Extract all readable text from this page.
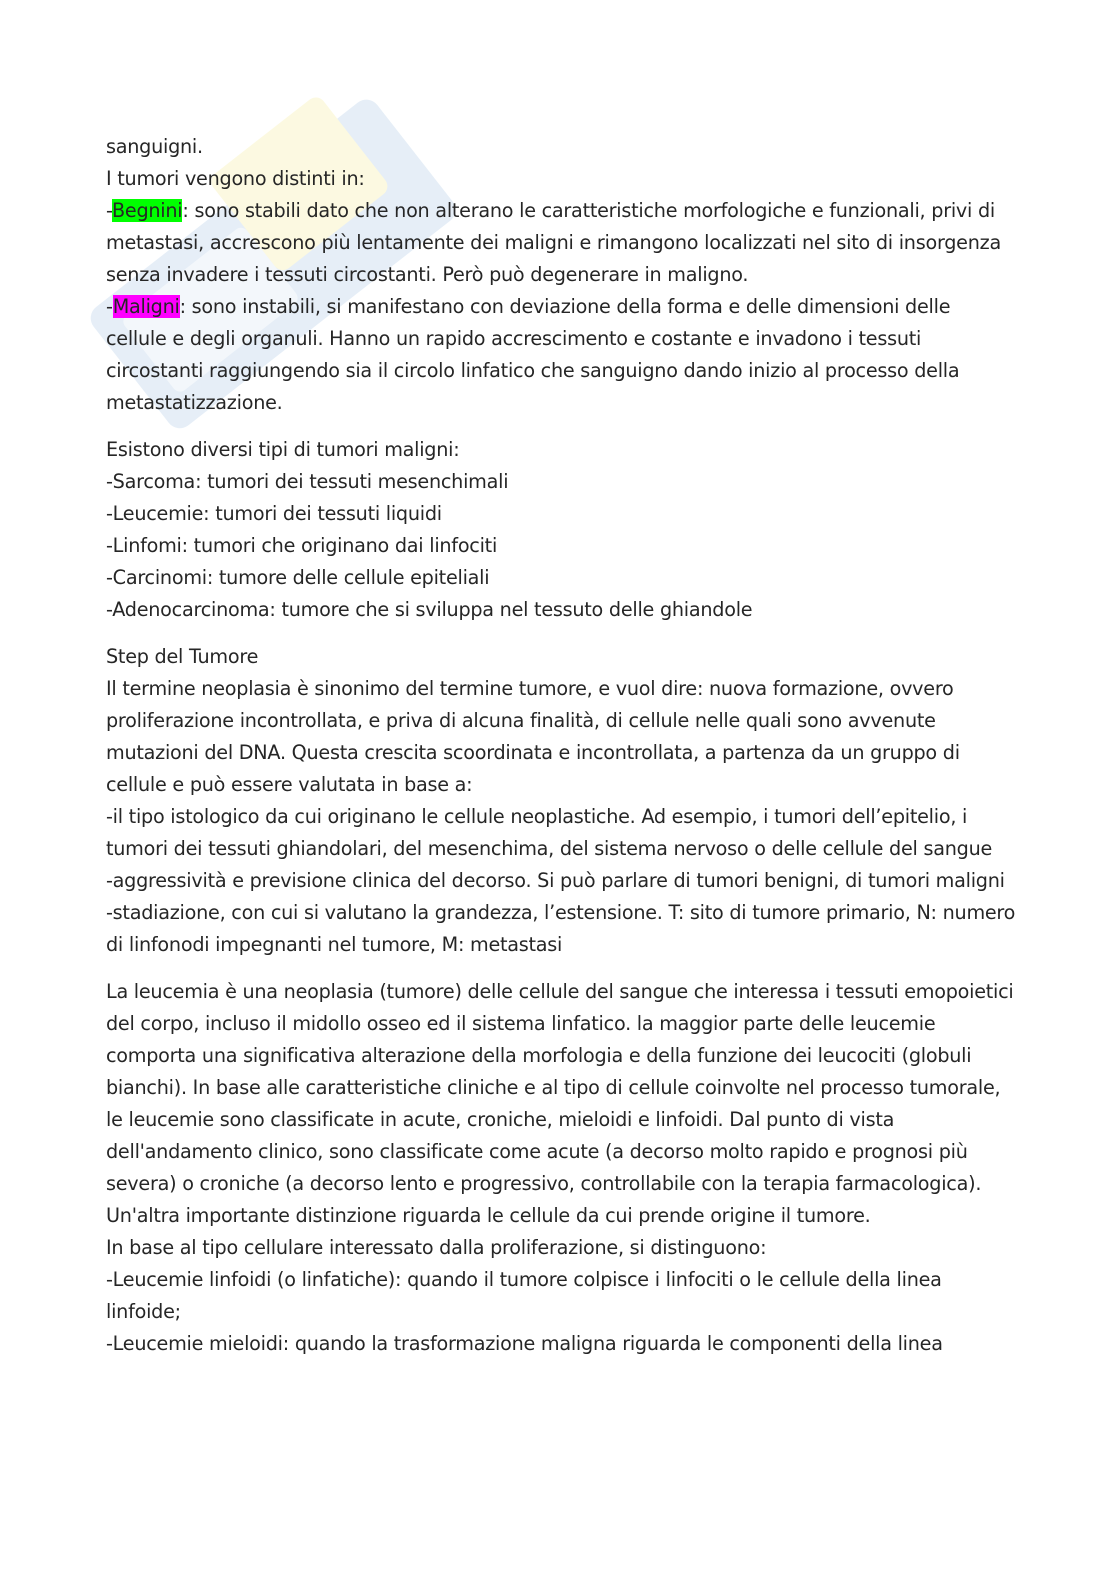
sanguigni.

I tumori vengono distinti in:

-Begnini: sono stabili dato che non alterano le caratteristiche morfologiche e funzionali, privi di metastasi, accrescono più lentamente dei maligni e rimangono localizzati nel sito di insorgenza senza invadere i tessuti circostanti. Però può degenerare in maligno.

-Maligni: sono instabili, si manifestano con deviazione della forma e delle dimensioni delle cellule e degli organuli. Hanno un rapido accrescimento e costante e invadono i tessuti circostanti raggiungendo sia il circolo linfatico che sanguigno dando inizio al processo della metastatizzazione.

Esistono diversi tipi di tumori maligni:

-Sarcoma: tumori dei tessuti mesenchimali

-Leucemie: tumori dei tessuti liquidi

-Linfomi: tumori che originano dai linfociti

-Carcinomi: tumore delle cellule epiteliali

-Adenocarcinoma: tumore che si sviluppa nel tessuto delle ghiandole

Step del Tumore

Il termine neoplasia è sinonimo del termine tumore, e vuol dire: nuova formazione, ovvero proliferazione incontrollata, e priva di alcuna finalità, di cellule nelle quali sono avvenute mutazioni del DNA. Questa crescita scoordinata e incontrollata, a partenza da un gruppo di cellule e può essere valutata in base a:

-il tipo istologico da cui originano le cellule neoplastiche. Ad esempio, i tumori dell’epitelio, i tumori dei tessuti ghiandolari, del mesenchima, del sistema nervoso o delle cellule del sangue

-aggressività e previsione clinica del decorso. Si può parlare di tumori benigni, di tumori maligni

-stadiazione, con cui si valutano la grandezza, l’estensione. T: sito di tumore primario, N: numero di linfonodi impegnanti nel tumore, M: metastasi

La leucemia è una neoplasia (tumore) delle cellule del sangue che interessa i tessuti emopoietici del corpo, incluso il midollo osseo ed il sistema linfatico. la maggior parte delle leucemie comporta una significativa alterazione della morfologia e della funzione dei leucociti (globuli bianchi). In base alle caratteristiche cliniche e al tipo di cellule coinvolte nel processo tumorale, le leucemie sono classificate in acute, croniche, mieloidi e linfoidi. Dal punto di vista dell'andamento clinico, sono classificate come acute (a decorso molto rapido e prognosi più severa) o croniche (a decorso lento e progressivo, controllabile con la terapia farmacologica). Un'altra importante distinzione riguarda le cellule da cui prende origine il tumore.

In base al tipo cellulare interessato dalla proliferazione, si distinguono:

-Leucemie linfoidi (o linfatiche): quando il tumore colpisce i linfociti o le cellule della linea linfoide;

-Leucemie mieloidi: quando la trasformazione maligna riguarda le componenti della linea
